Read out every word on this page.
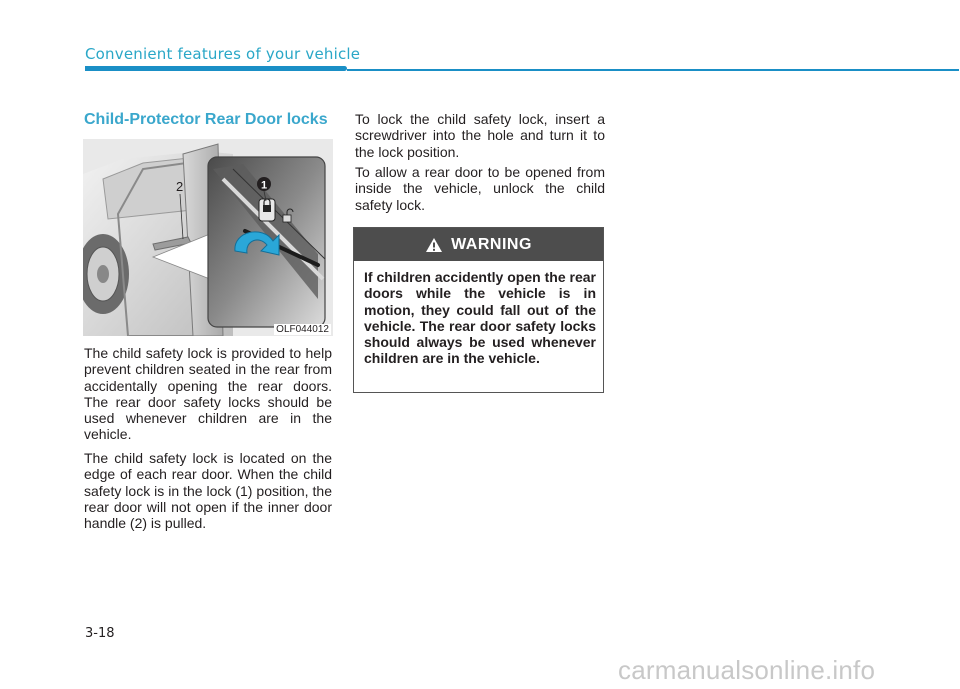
Convenient features of your vehicle
Child-Protector Rear Door locks
2	1
OLF044012

The child safety lock is provided to help prevent children seated in the rear from accidentally opening the rear doors. The rear door safety locks should be used whenever children are in the vehicle.

The child safety lock is located on the edge of each rear door. When the child safety lock is in the lock (1) position, the rear door will not open if the inner door handle (2) is pulled.

To lock the child safety lock, insert a screwdriver into the hole and turn it to the lock position.

To allow a rear door to be opened from inside the vehicle, unlock the child safety lock.

WARNING

If children accidently open the rear doors while the vehicle is in motion, they could fall out of the vehicle. The rear door safety locks should always be used whenever children are in the vehicle.

3-18
carmanualsonline.info
